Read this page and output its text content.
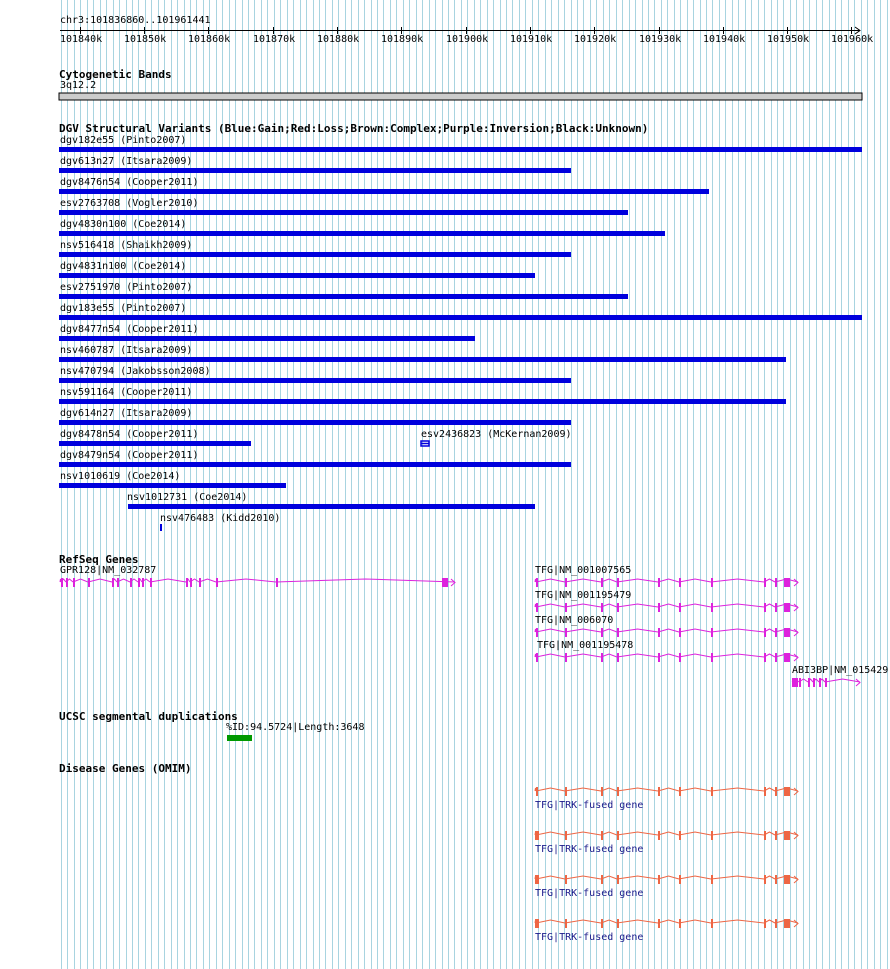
chr3:101836860..101961441
101840k 101850k 101860k 101870k 101880k 101890k 101900k 101910k 101920k 101930k 101940k 101950k 101960k
Cytogenetic Bands
3q12.2
DGV Structural Variants (Blue:Gain;Red:Loss;Brown:Complex;Purple:Inversion;Black:Unknown)
dgv182e55 (Pinto2007)
dgv613n27 (Itsara2009)
dgv8476n54 (Cooper2011)
esv2763708 (Vogler2010)
dgv4830n100 (Coe2014)
nsv516418 (Shaikh2009)
dgv4831n100 (Coe2014)
esv2751970 (Pinto2007)
dgv183e55 (Pinto2007)
dgv8477n54 (Cooper2011)
nsv460787 (Itsara2009)
nsv470794 (Jakobsson2008)
nsv591164 (Cooper2011)
dgv614n27 (Itsara2009)
dgv8478n54 (Cooper2011)	esv2436823 (McKernan2009)
dgv8479n54 (Cooper2011)
nsv1010619 (Coe2014)
nsv1012731 (Coe2014)
nsv476483 (Kidd2010)
RefSeq Genes
GPR128|NM_032787	TFG|NM_001007565
TFG|NM_001195479
TFG|NM_006070
TFG|NM_001195478
ABI3BP|NM_015429
UCSC segmental duplications
%ID:94.5724|Length:3648
Disease Genes (OMIM)
TFG|TRK-fused gene
TFG|TRK-fused gene
TFG|TRK-fused gene
TFG|TRK-fused gene
